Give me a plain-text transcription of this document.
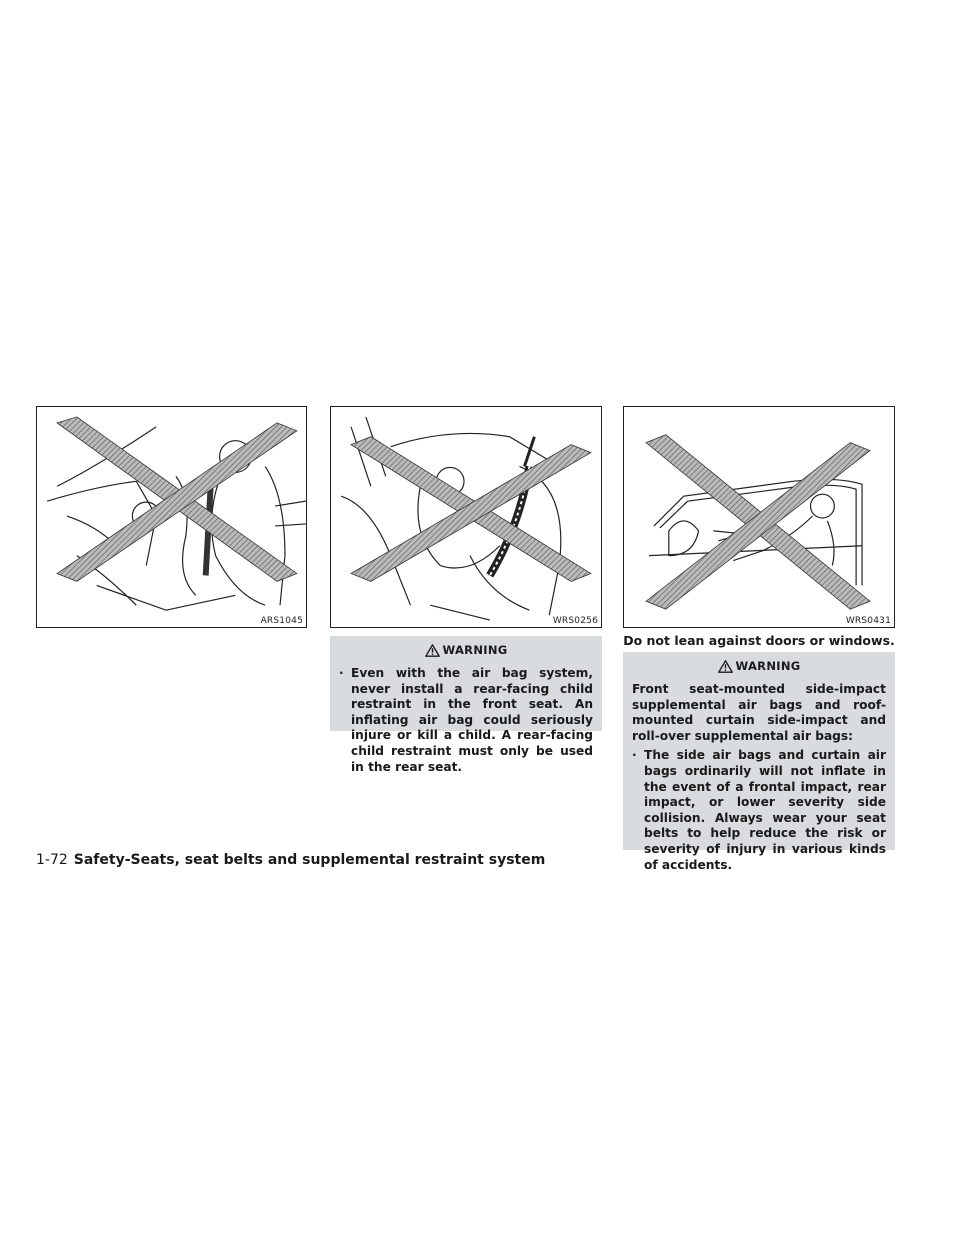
ARS1045	WRS0256	WRS0431
Do not lean against doors or windows.
WARNING
· Even with the air bag system, never install a rear-facing child restraint in the front seat. An inflating air bag could seriously injure or kill a child. A rear-facing child restraint must only be used in the rear seat.
WARNING
Front seat-mounted side-impact supplemental air bags and roof-mounted curtain side-impact and roll-over supplemental air bags:
· The side air bags and curtain air bags ordinarily will not inflate in the event of a frontal impact, rear impact, or lower severity side collision. Always wear your seat belts to help reduce the risk or severity of injury in various kinds of accidents.
1-72 Safety-Seats, seat belts and supplemental restraint system
